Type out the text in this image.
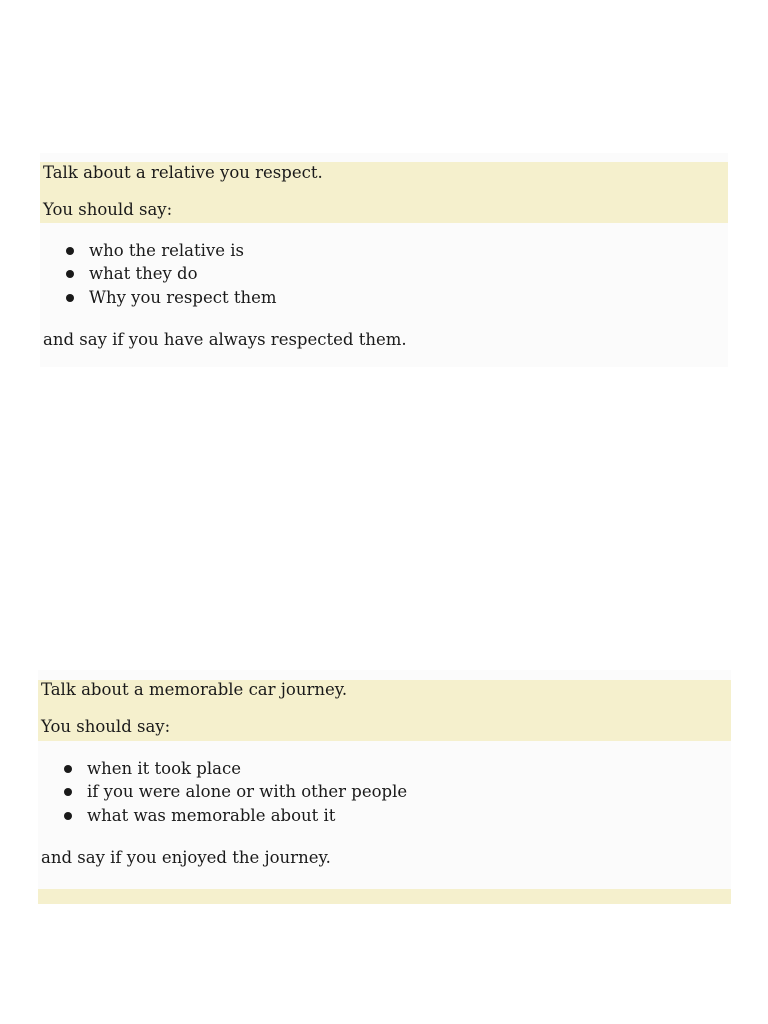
Talk about a relative you respect.
You should say:
who the relative is
what they do
Why you respect them
and say if you have always respected them.
Talk about a memorable car journey.
You should say:
when it took place
if you were alone or with other people
what was memorable about it
and say if you enjoyed the journey.
